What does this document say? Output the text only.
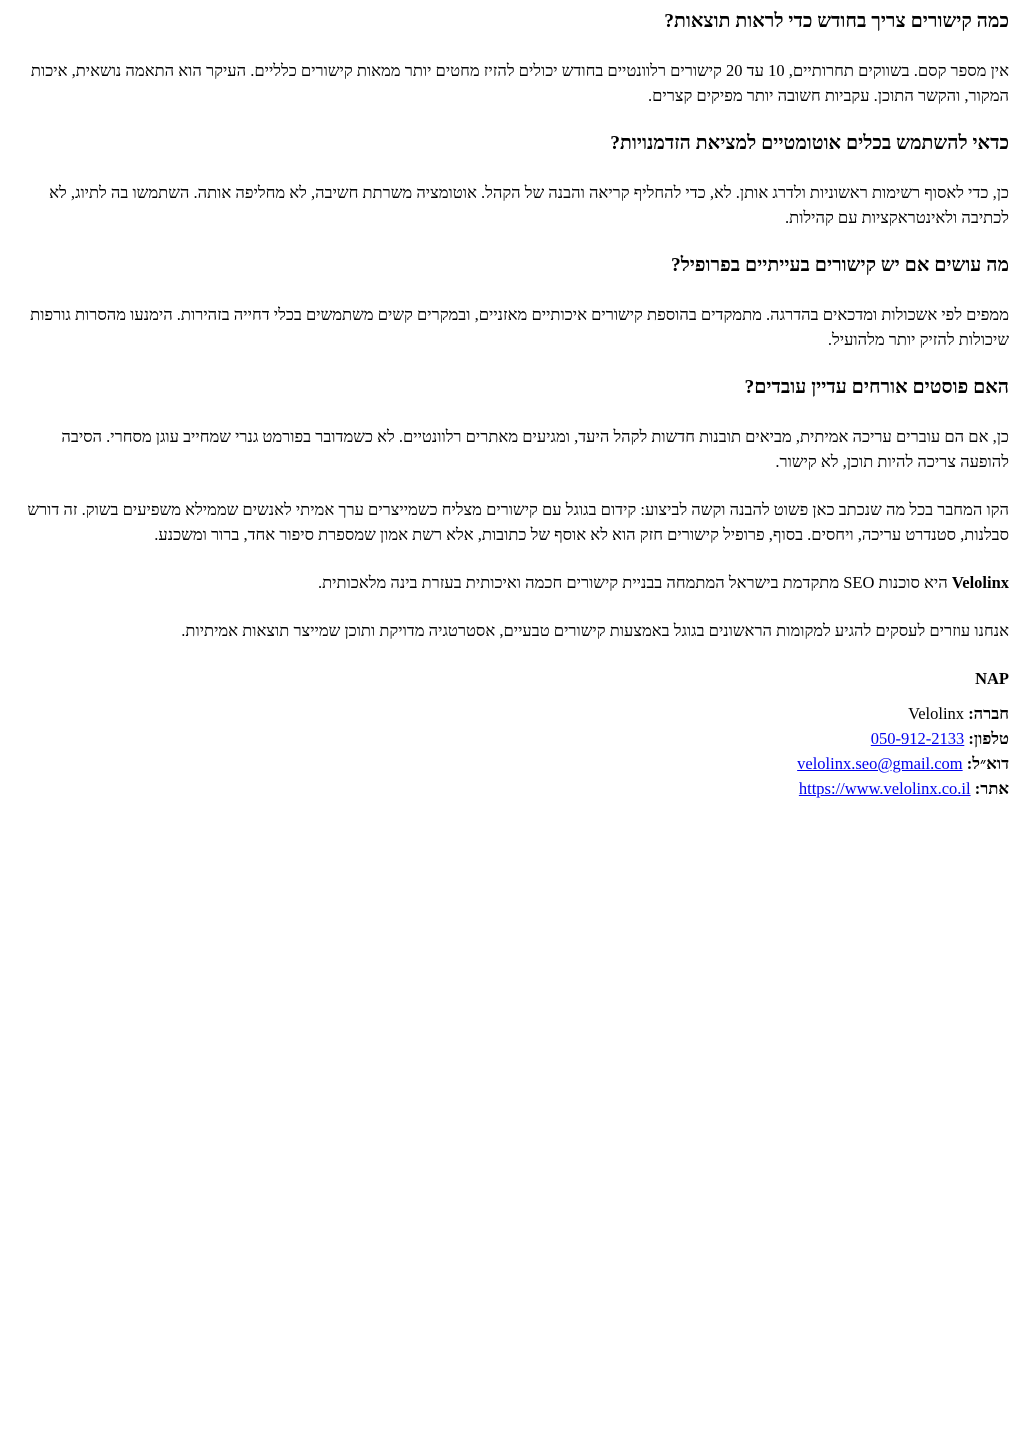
כמה קישורים צריך בחודש כדי לראות תוצאות?

אין מספר קסם. בשווקים תחרותיים, 10 עד 20 קישורים רלוונטיים בחודש יכולים להזיז מחטים יותר ממאות קישורים כלליים. העיקר הוא התאמה נושאית, איכות המקור, והקשר התוכן. עקביות חשובה יותר מפיקים קצרים.

כדאי להשתמש בכלים אוטומטיים למציאת הזדמנויות?

כן, כדי לאסוף רשימות ראשוניות ולדרג אותן. לא, כדי להחליף קריאה והבנה של הקהל. אוטומציה משרתת חשיבה, לא מחליפה אותה. השתמשו בה לתיוג, לא לכתיבה ולאינטראקציות עם קהילות.

מה עושים אם יש קישורים בעייתיים בפרופיל?

ממפים לפי אשכולות ומדכאים בהדרגה. מתמקדים בהוספת קישורים איכותיים מאזניים, ובמקרים קשים משתמשים בכלי דחייה בזהירות. הימנעו מהסרות גורפות שיכולות להזיק יותר מלהועיל.

האם פוסטים אורחים עדיין עובדים?

כן, אם הם עוברים עריכה אמיתית, מביאים תובנות חדשות לקהל היעד, ומגיעים מאתרים רלוונטיים. לא כשמדובר בפורמט גנרי שמחייב עוגן מסחרי. הסיבה להופעה צריכה להיות תוכן, לא קישור.

הקו המחבר בכל מה שנכתב כאן פשוט להבנה וקשה לביצוע: קידום בגוגל עם קישורים מצליח כשמייצרים ערך אמיתי לאנשים שממילא משפיעים בשוק. זה דורש סבלנות, סטנדרט עריכה, ויחסים. בסוף, פרופיל קישורים חזק הוא לא אוסף של כתובות, אלא רשת אמון שמספרת סיפור אחד, ברור ומשכנע.

Velolinx היא סוכנות SEO מתקדמת בישראל המתמחה בבניית קישורים חכמה ואיכותית בעזרת בינה מלאכותית.

אנחנו עוזרים לעסקים להגיע למקומות הראשונים בגוגל באמצעות קישורים טבעיים, אסטרטגיה מדויקת ותוכן שמייצר תוצאות אמיתיות.

NAP

חברה: Velolinx
טלפון: 050-912-2133
דוא״ל: velolinx.seo@gmail.com
אתר: https://www.velolinx.co.il
